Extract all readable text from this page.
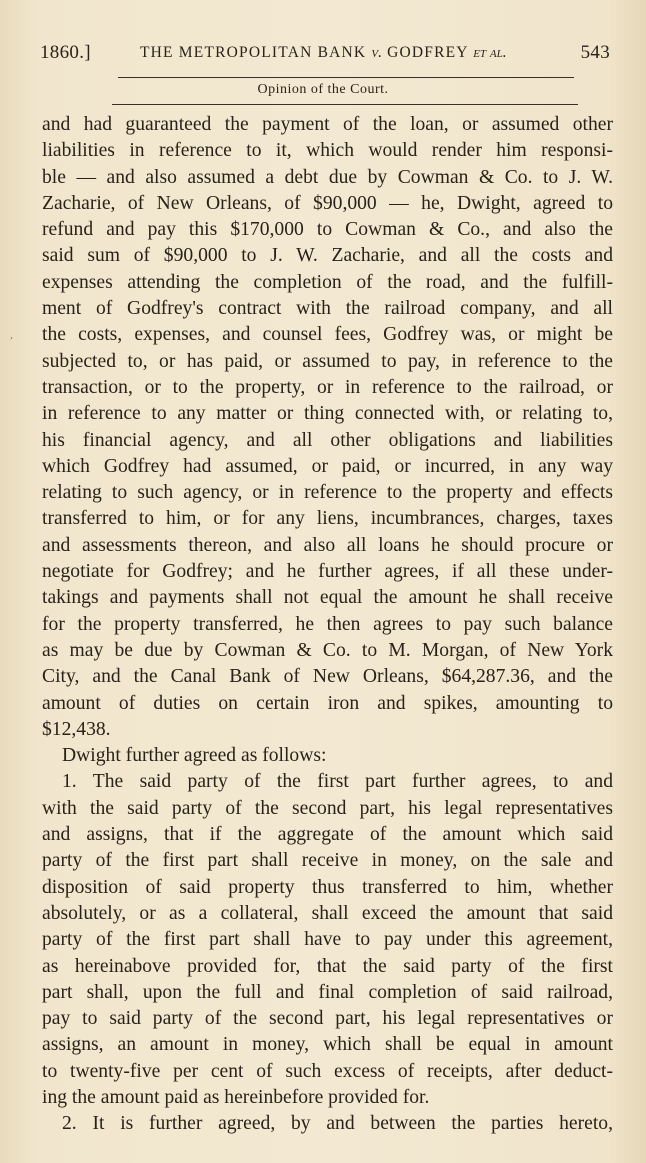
1860.]	THE METROPOLITAN BANK v. GODFREY et al.	543
Opinion of the Court.
,
and had guaranteed the payment of the loan, or assumed other
liabilities in reference to it, which would render him responsi-
ble — and also assumed a debt due by Cowman & Co. to J. W.
Zacharie, of New Orleans, of $90,000 — he, Dwight, agreed to
refund and pay this $170,000 to Cowman & Co., and also the
said sum of $90,000 to J. W. Zacharie, and all the costs and
expenses attending the completion of the road, and the fulfill-
ment of Godfrey's contract with the railroad company, and all
the costs, expenses, and counsel fees, Godfrey was, or might be
subjected to, or has paid, or assumed to pay, in reference to the
transaction, or to the property, or in reference to the railroad, or
in reference to any matter or thing connected with, or relating to,
his financial agency, and all other obligations and liabilities
which Godfrey had assumed, or paid, or incurred, in any way
relating to such agency, or in reference to the property and effects
transferred to him, or for any liens, incumbrances, charges, taxes
and assessments thereon, and also all loans he should procure or
negotiate for Godfrey; and he further agrees, if all these under-
takings and payments shall not equal the amount he shall receive
for the property transferred, he then agrees to pay such balance
as may be due by Cowman & Co. to M. Morgan, of New York
City, and the Canal Bank of New Orleans, $64,287.36, and the
amount of duties on certain iron and spikes, amounting to
$12,438.
Dwight further agreed as follows:
1. The said party of the first part further agrees, to and
with the said party of the second part, his legal representatives
and assigns, that if the aggregate of the amount which said
party of the first part shall receive in money, on the sale and
disposition of said property thus transferred to him, whether
absolutely, or as a collateral, shall exceed the amount that said
party of the first part shall have to pay under this agreement,
as hereinabove provided for, that the said party of the first
part shall, upon the full and final completion of said railroad,
pay to said party of the second part, his legal representatives or
assigns, an amount in money, which shall be equal in amount
to twenty-five per cent of such excess of receipts, after deduct-
ing the amount paid as hereinbefore provided for.
2. It is further agreed, by and between the parties hereto,
